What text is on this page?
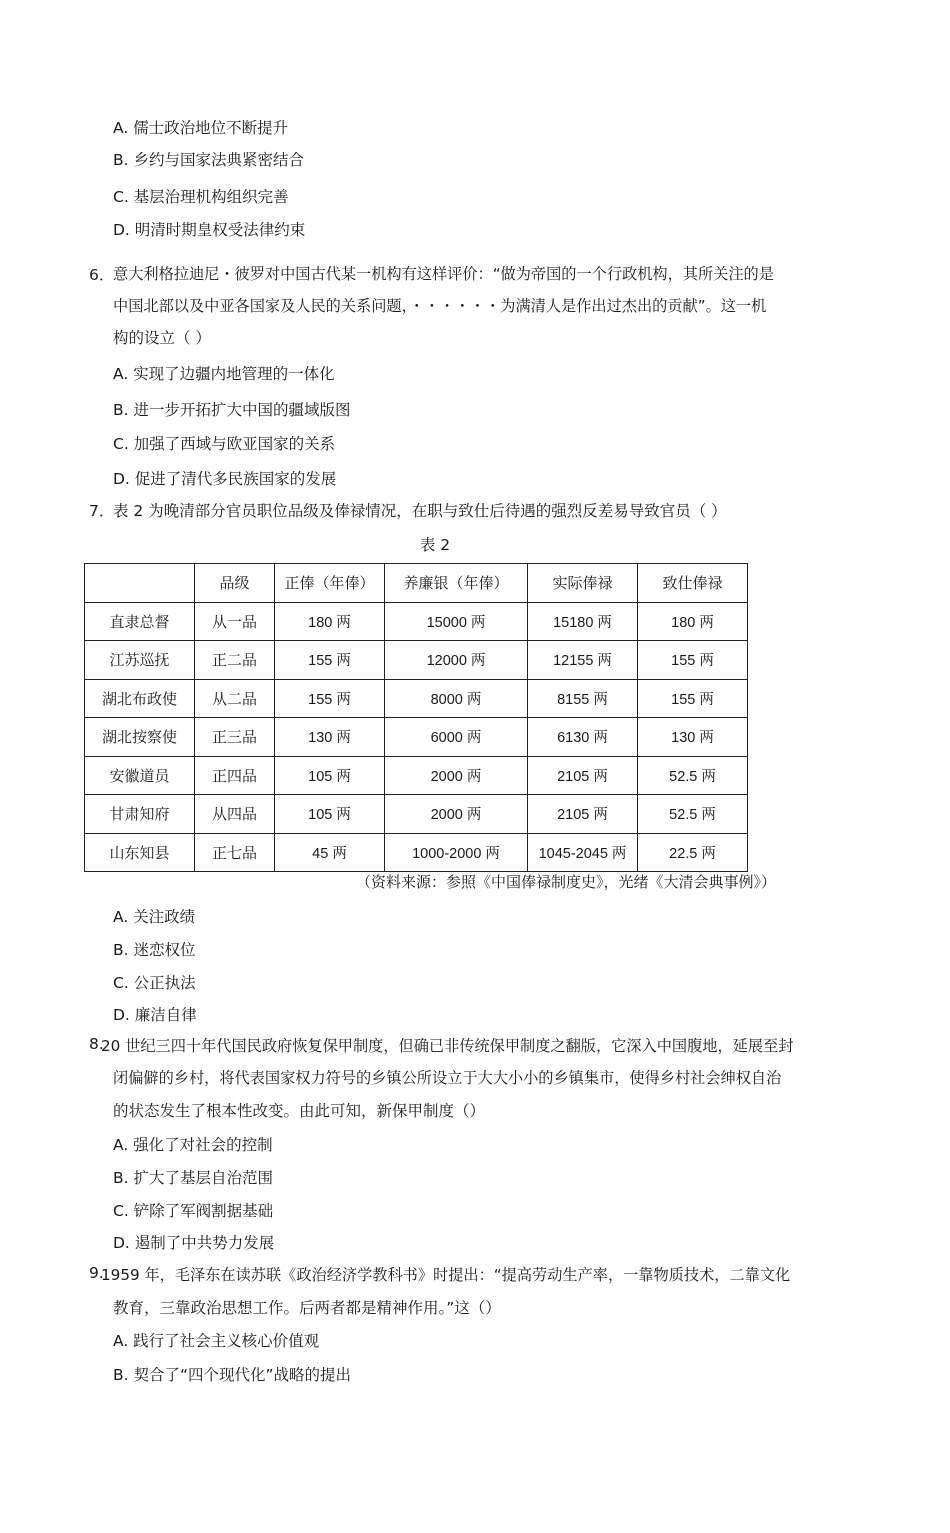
A. 儒士政治地位不断提升
B. 乡约与国家法典紧密结合
C. 基层治理机构组织完善
D. 明清时期皇权受法律约束
6．
意大利格拉迪尼・彼罗对中国古代某一机构有这样评价：“做为帝国的一个行政机构，其所关注的是
中国北部以及中亚各国家及人民的关系问题，・・・・・・为满清人是作出过杰出的贡献”。这一机
构的设立（ ）
A. 实现了边疆内地管理的一体化
B. 进一步开拓扩大中国的疆域版图
C. 加强了西域与欧亚国家的关系
D. 促进了清代多民族国家的发展
7．
表 2 为晚清部分官员职位品级及俸禄情况，在职与致仕后待遇的强烈反差易导致官员（ ）
表 2
	品级	正俸（年俸）	养廉银（年俸）	实际俸禄	致仕俸禄
直隶总督	从一品	180 两	15000 两	15180 两	180 两
江苏巡抚	正二品	155 两	12000 两	12155 两	155 两
湖北布政使	从二品	155 两	8000 两	8155 两	155 两
湖北按察使	正三品	130 两	6000 两	6130 两	130 两
安徽道员	正四品	105 两	2000 两	2105 两	52.5 两
甘肃知府	从四品	105 两	2000 两	2105 两	52.5 两
山东知县	正七品	45 两	1000-2000 两	1045-2045 两	22.5 两
（资料来源：参照《中国俸禄制度史》，光绪《大清会典事例》）
A. 关注政绩
B. 迷恋权位
C. 公正执法
D. 廉洁自律
8.
20 世纪三四十年代国民政府恢复保甲制度，但确已非传统保甲制度之翻版，它深入中国腹地，延展至封
闭偏僻的乡村，将代表国家权力符号的乡镇公所设立于大大小小的乡镇集市，使得乡村社会绅权自治
的状态发生了根本性改变。由此可知，新保甲制度（）
A. 强化了对社会的控制
B. 扩大了基层自治范围
C. 铲除了军阀割据基础
D. 遏制了中共势力发展
9.
1959 年，毛泽东在读苏联《政治经济学教科书》时提出：“提高劳动生产率，一靠物质技术，二靠文化
教育，三靠政治思想工作。后两者都是精神作用。”这（）
A. 践行了社会主义核心价值观
B. 契合了“四个现代化”战略的提出
